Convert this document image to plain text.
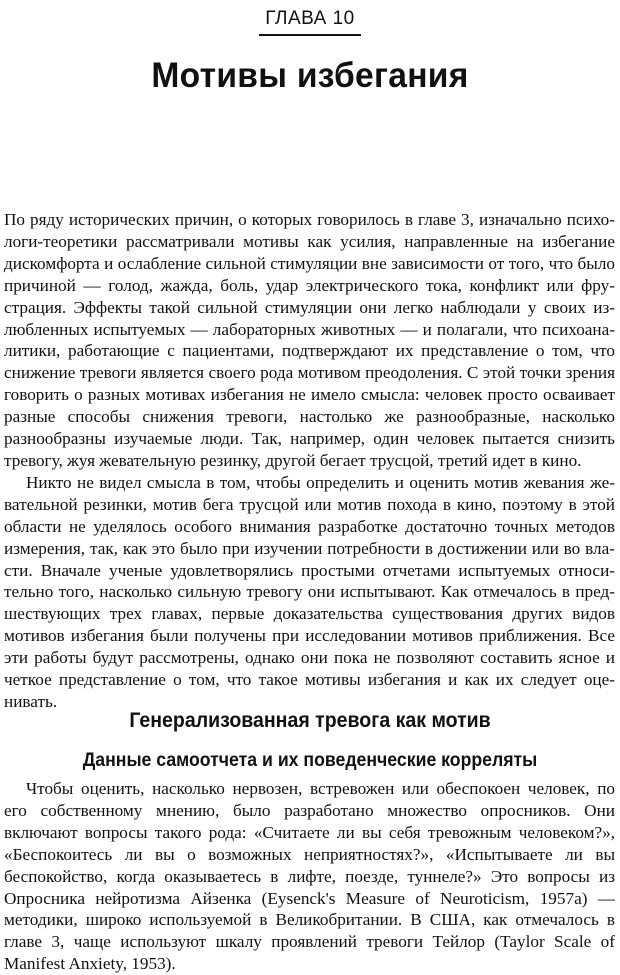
ГЛАВА 10
Мотивы избегания

По ряду исторических причин, о которых говорилось в главе 3, изначально психологи-теоретики рассматривали мотивы как усилия, направленные на избегание дискомфорта и ослабление сильной стимуляции вне зависимости от того, что было причиной — голод, жажда, боль, удар электрического тока, конфликт или фрустрация. Эффекты такой сильной стимуляции они легко наблюдали у своих излюбленных испытуемых — лабораторных животных — и полагали, что психоаналитики, работающие с пациентами, подтверждают их представление о том, что снижение тревоги является своего рода мотивом преодоления. С этой точки зрения говорить о разных мотивах избегания не имело смысла: человек просто осваивает разные способы снижения тревоги, настолько же разнообразные, насколько разнообразны изучаемые люди. Так, например, один человек пытается снизить тревогу, жуя жевательную резинку, другой бегает трусцой, третий идет в кино.

Никто не видел смысла в том, чтобы определить и оценить мотив жевания жевательной резинки, мотив бега трусцой или мотив похода в кино, поэтому в этой области не уделялось особого внимания разработке достаточно точных методов измерения, так, как это было при изучении потребности в достижении или во власти. Вначале ученые удовлетворялись простыми отчетами испытуемых относительно того, насколько сильную тревогу они испытывают. Как отмечалось в предшествующих трех главах, первые доказательства существования других видов мотивов избегания были получены при исследовании мотивов приближения. Все эти работы будут рассмотрены, однако они пока не позволяют составить ясное и четкое представление о том, что такое мотивы избегания и как их следует оценивать.

Генерализованная тревога как мотив
Данные самоотчета и их поведенческие корреляты

Чтобы оценить, насколько нервозен, встревожен или обеспокоен человек, по его собственному мнению, было разработано множество опросников. Они включают вопросы такого рода: «Считаете ли вы себя тревожным человеком?», «Беспокоитесь ли вы о возможных неприятностях?», «Испытываете ли вы беспокойство, когда оказываетесь в лифте, поезде, туннеле?» Это вопросы из Опросника нейротизма Айзенка (Eysenck's Measure of Neuroticism, 1957a) — методики, широко используемой в Великобритании. В США, как отмечалось в главе 3, чаще используют шкалу проявлений тревоги Тейлор (Taylor Scale of Manifest Anxiety, 1953).
